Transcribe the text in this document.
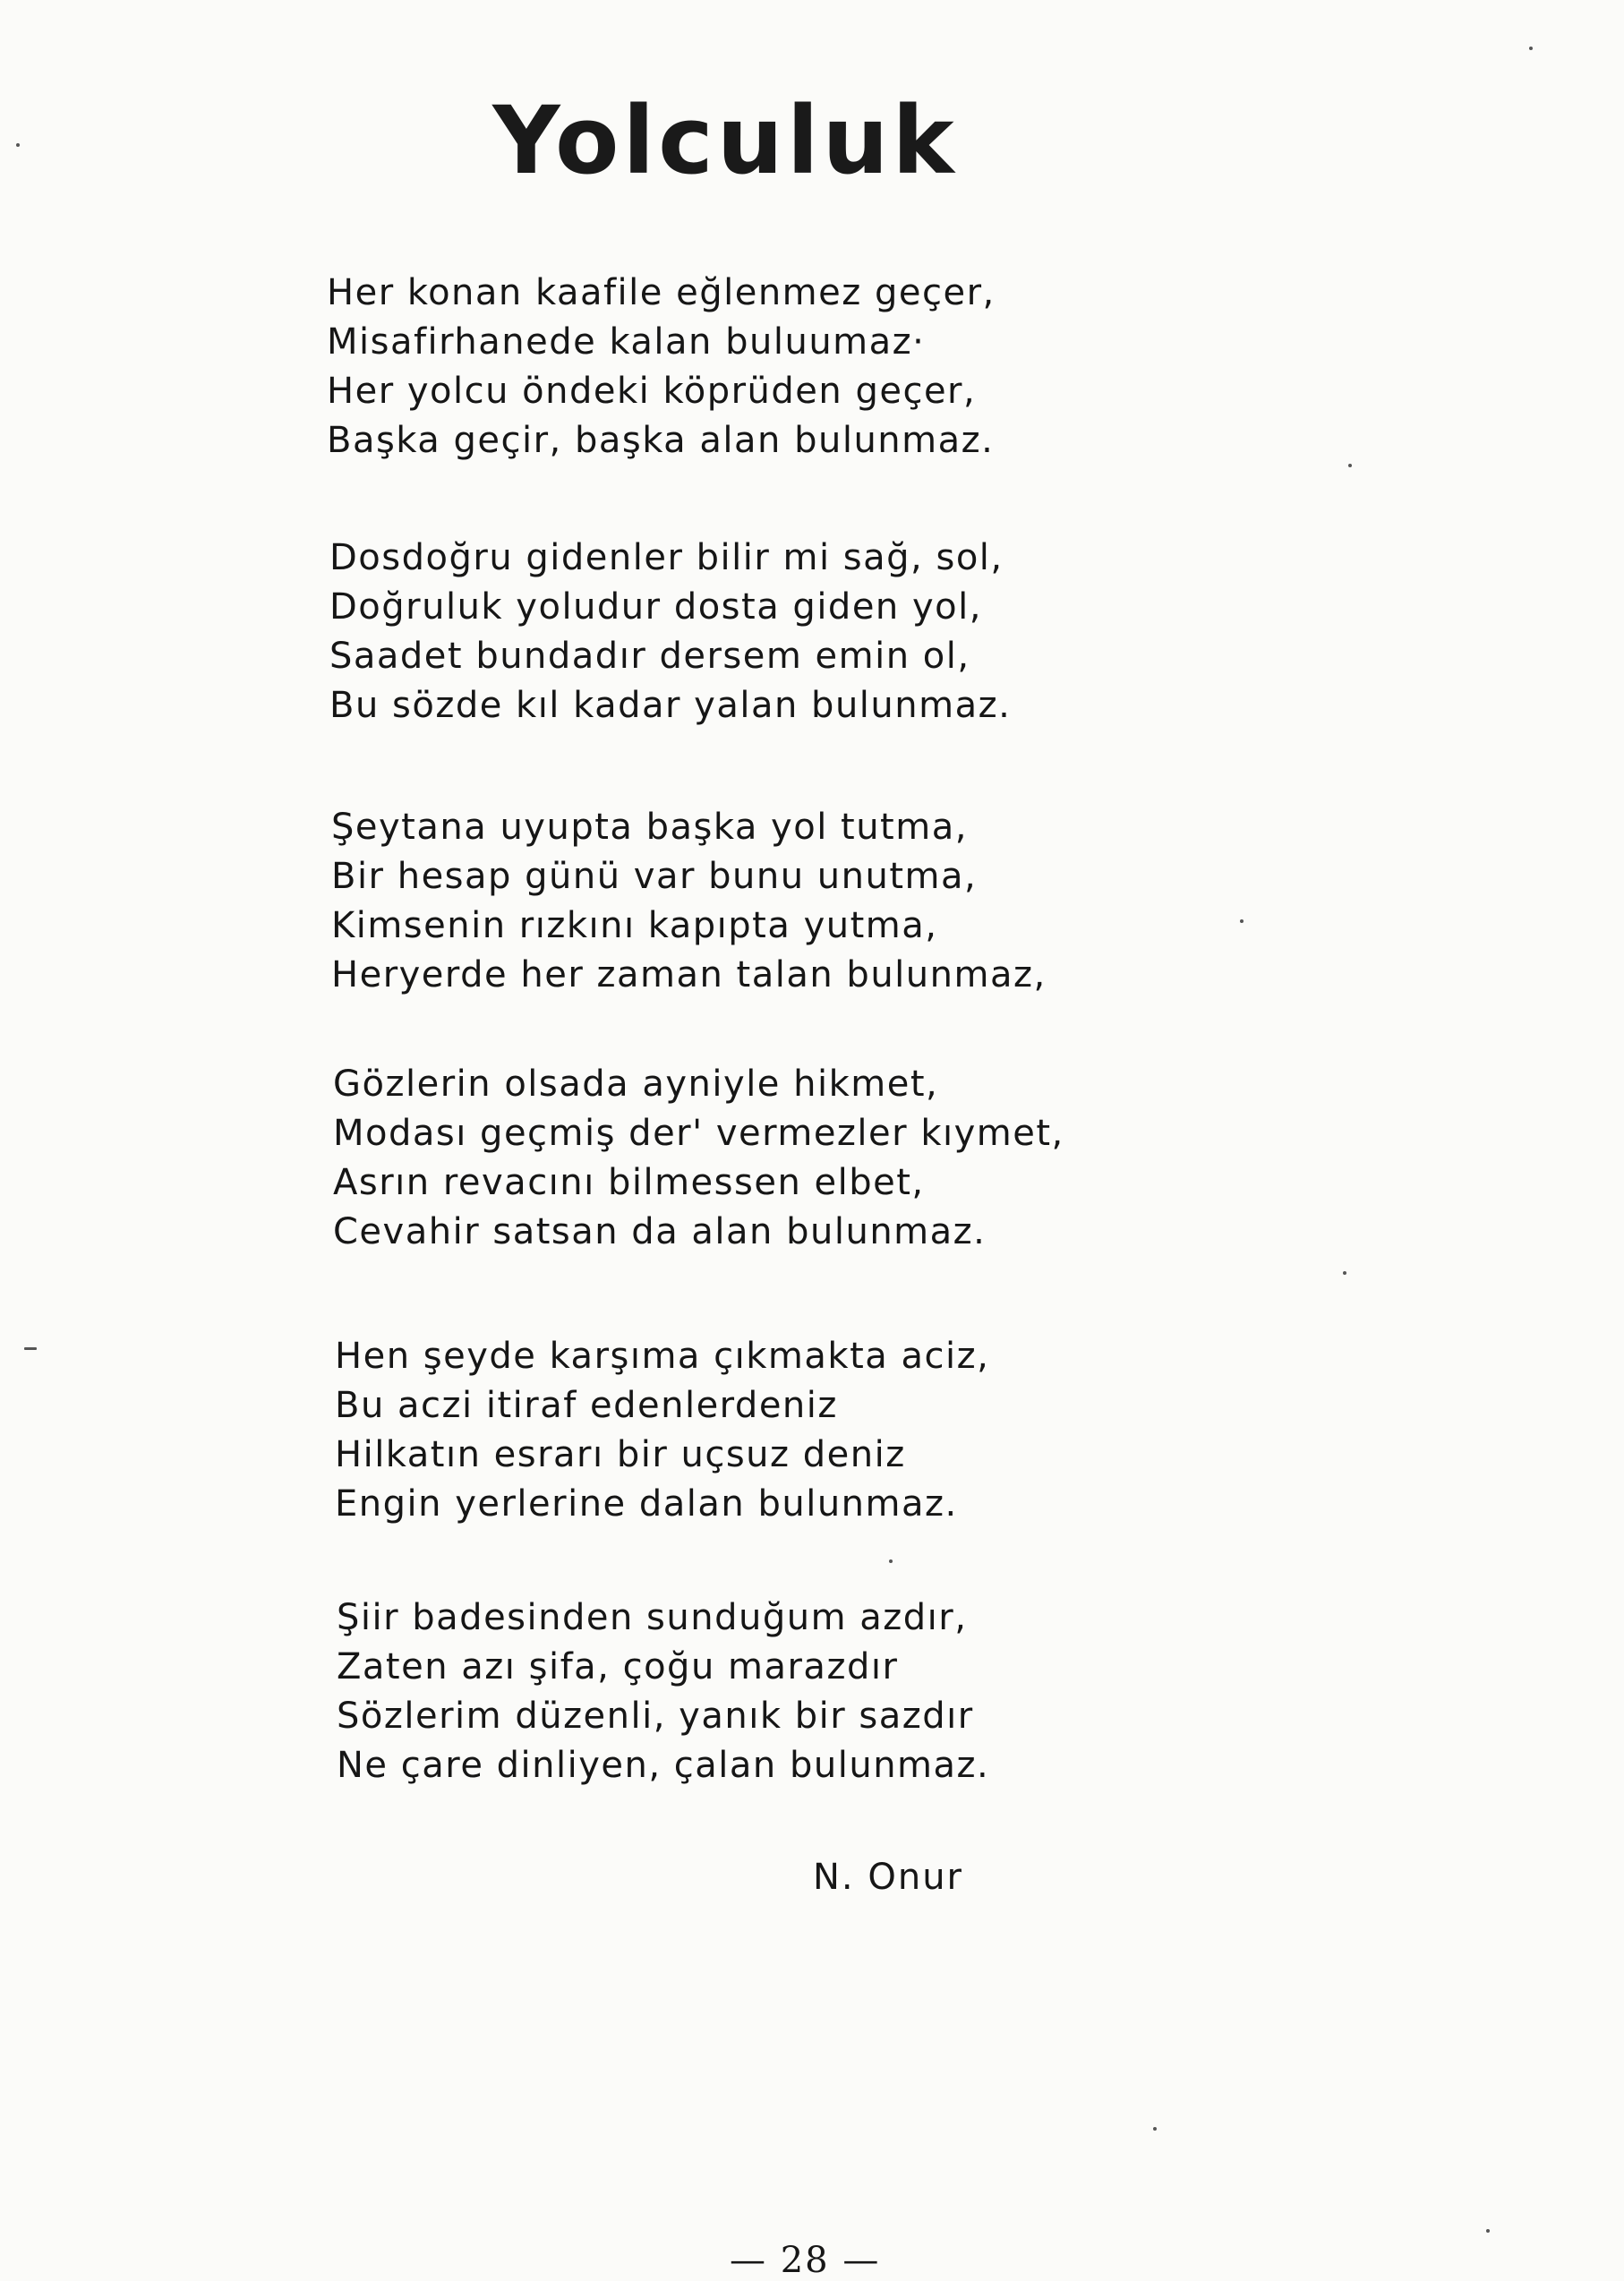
Yolculuk
Her konan kaafile eğlenmez geçer,
Misafirhanede kalan buluumaz·
Her yolcu öndeki köprüden geçer,
Başka geçir, başka alan bulunmaz.
Dosdoğru gidenler bilir mi sağ, sol,
Doğruluk yoludur dosta giden yol,
Saadet bundadır dersem emin ol,
Bu sözde kıl kadar yalan bulunmaz.
Şeytana uyupta başka yol tutma,
Bir hesap günü var bunu unutma,
Kimsenin rızkını kapıpta yutma,
Heryerde her zaman talan bulunmaz,
Gözlerin olsada ayniyle hikmet,
Modası geçmiş der' vermezler kıymet,
Asrın revacını bilmessen elbet,
Cevahir satsan da alan bulunmaz.
Hen şeyde karşıma çıkmakta aciz,
Bu aczi itiraf edenlerdeniz
Hilkatın esrarı bir uçsuz deniz
Engin yerlerine dalan bulunmaz.
Şiir badesinden sunduğum azdır,
Zaten azı şifa, çoğu marazdır
Sözlerim düzenli, yanık bir sazdır
Ne çare dinliyen, çalan bulunmaz.
N. Onur
— 28 —
